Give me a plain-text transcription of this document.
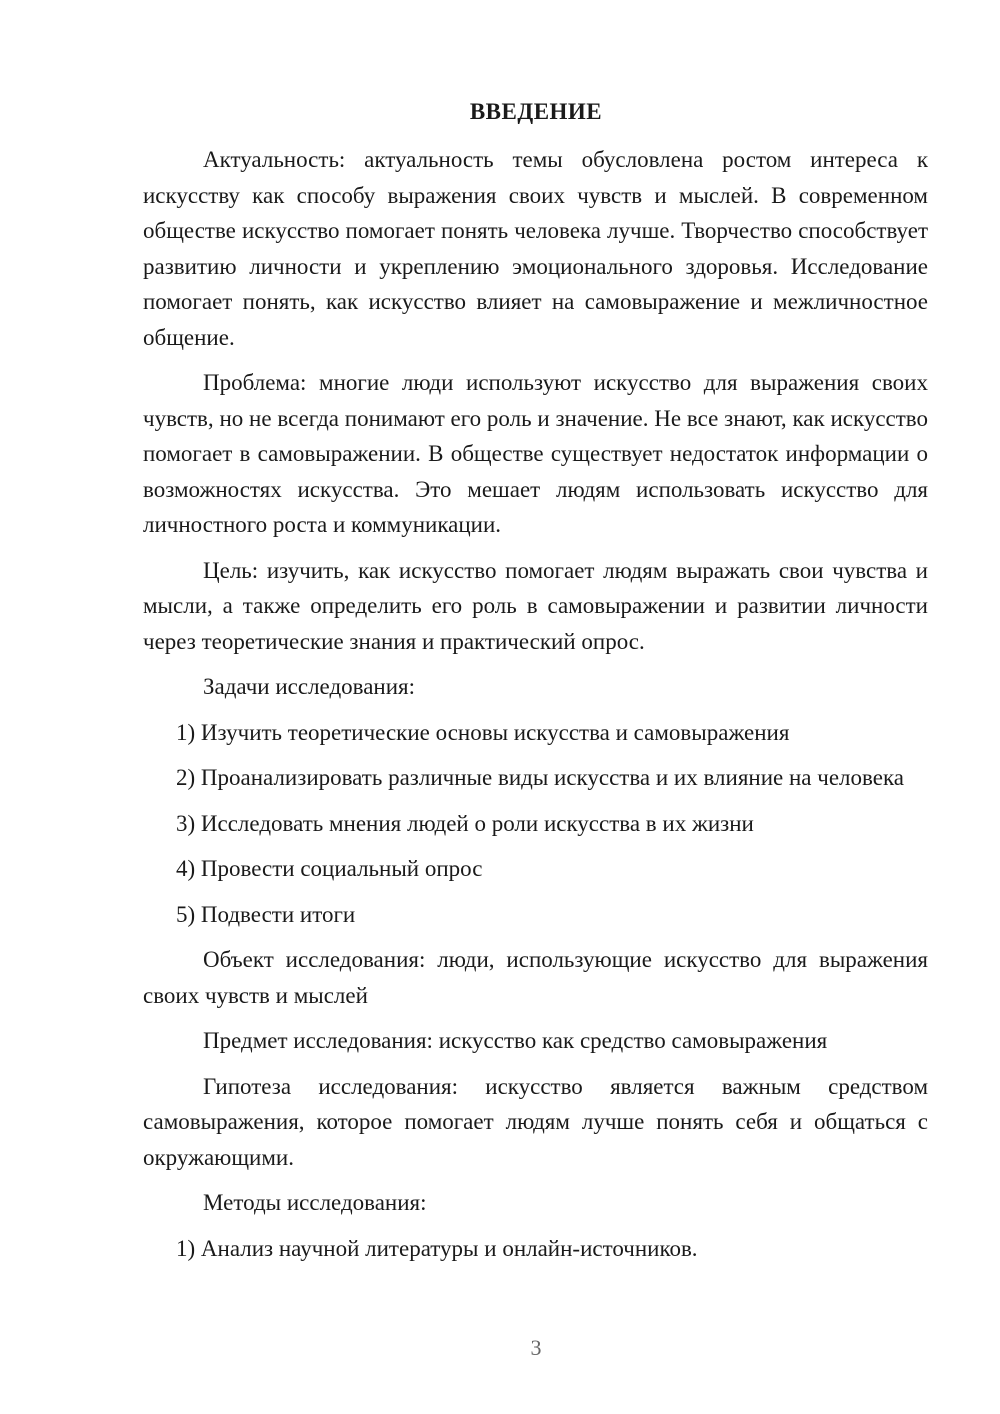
ВВЕДЕНИЕ

Актуальность: актуальность темы обусловлена ростом интереса к искусству как способу выражения своих чувств и мыслей. В современном обществе искусство помогает понять человека лучше. Творчество способствует развитию личности и укреплению эмоционального здоровья. Исследование помогает понять, как искусство влияет на самовыражение и межличностное общение.

Проблема: многие люди используют искусство для выражения своих чувств, но не всегда понимают его роль и значение. Не все знают, как искусство помогает в самовыражении. В обществе существует недостаток информации о возможностях искусства. Это мешает людям использовать искусство для личностного роста и коммуникации.

Цель: изучить, как искусство помогает людям выражать свои чувства и мысли, а также определить его роль в самовыражении и развитии личности через теоретические знания и практический опрос.

Задачи исследования:

1) Изучить теоретические основы искусства и самовыражения

2) Проанализировать различные виды искусства и их влияние на человека

3) Исследовать мнения людей о роли искусства в их жизни

4) Провести социальный опрос

5) Подвести итоги

Объект исследования: люди, использующие искусство для выражения своих чувств и мыслей

Предмет исследования: искусство как средство самовыражения

Гипотеза исследования: искусство является важным средством самовыражения, которое помогает людям лучше понять себя и общаться с окружающими.

Методы исследования:

1) Анализ научной литературы и онлайн-источников.

3
